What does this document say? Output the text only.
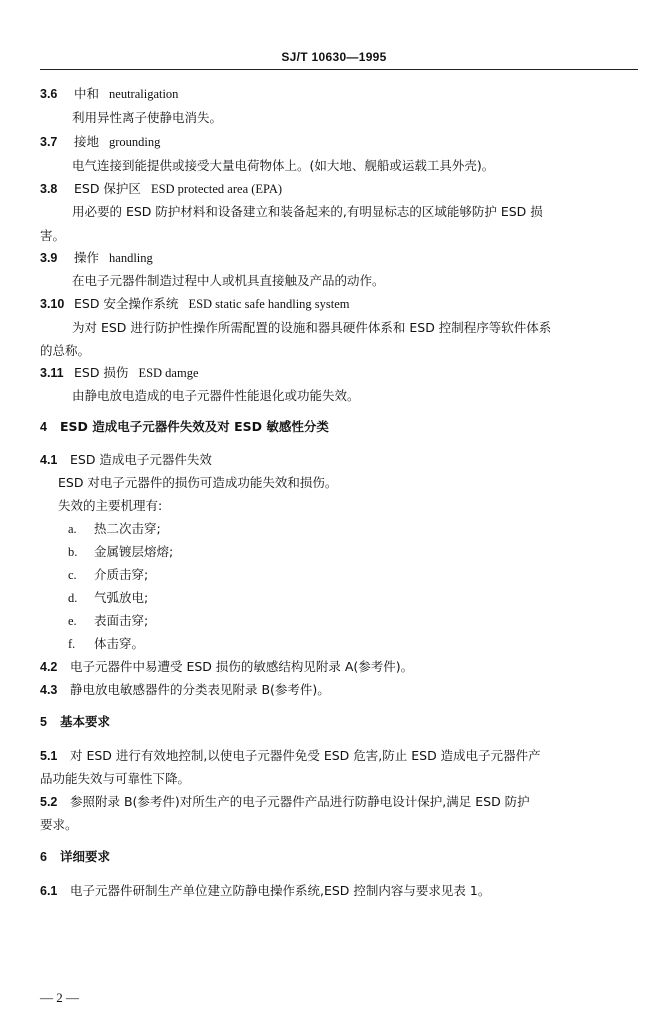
SJ/T 10630—1995
3.6 中和 neutraligation
利用异性离子使静电消失。
3.7 接地 grounding
电气连接到能提供或接受大量电荷物体上。(如大地、舰船或运载工具外壳)。
3.8 ESD 保护区 ESD protected area (EPA)
用必要的 ESD 防护材料和设备建立和装备起来的,有明显标志的区域能够防护 ESD 损
害。
3.9 操作 handling
在电子元器件制造过程中人或机具直接触及产品的动作。
3.10 ESD 安全操作系统 ESD static safe handling system
为对 ESD 进行防护性操作所需配置的设施和器具硬件体系和 ESD 控制程序等软件体系
的总称。
3.11 ESD 损伤 ESD damge
由静电放电造成的电子元器件性能退化或功能失效。
4 ESD 造成电子元器件失效及对 ESD 敏感性分类
4.1 ESD 造成电子元器件失效
ESD 对电子元器件的损伤可造成功能失效和损伤。
失效的主要机理有:
a. 热二次击穿;
b. 金属镀层熔熔;
c. 介质击穿;
d. 气弧放电;
e. 表面击穿;
f. 体击穿。
4.2 电子元器件中易遭受 ESD 损伤的敏感结构见附录 A(参考件)。
4.3 静电放电敏感器件的分类表见附录 B(参考件)。
5 基本要求
5.1 对 ESD 进行有效地控制,以使电子元器件免受 ESD 危害,防止 ESD 造成电子元器件产
品功能失效与可靠性下降。
5.2 参照附录 B(参考件)对所生产的电子元器件产品进行防静电设计保护,满足 ESD 防护
要求。
6 详细要求
6.1 电子元器件研制生产单位建立防静电操作系统,ESD 控制内容与要求见表 1。
— 2 —
